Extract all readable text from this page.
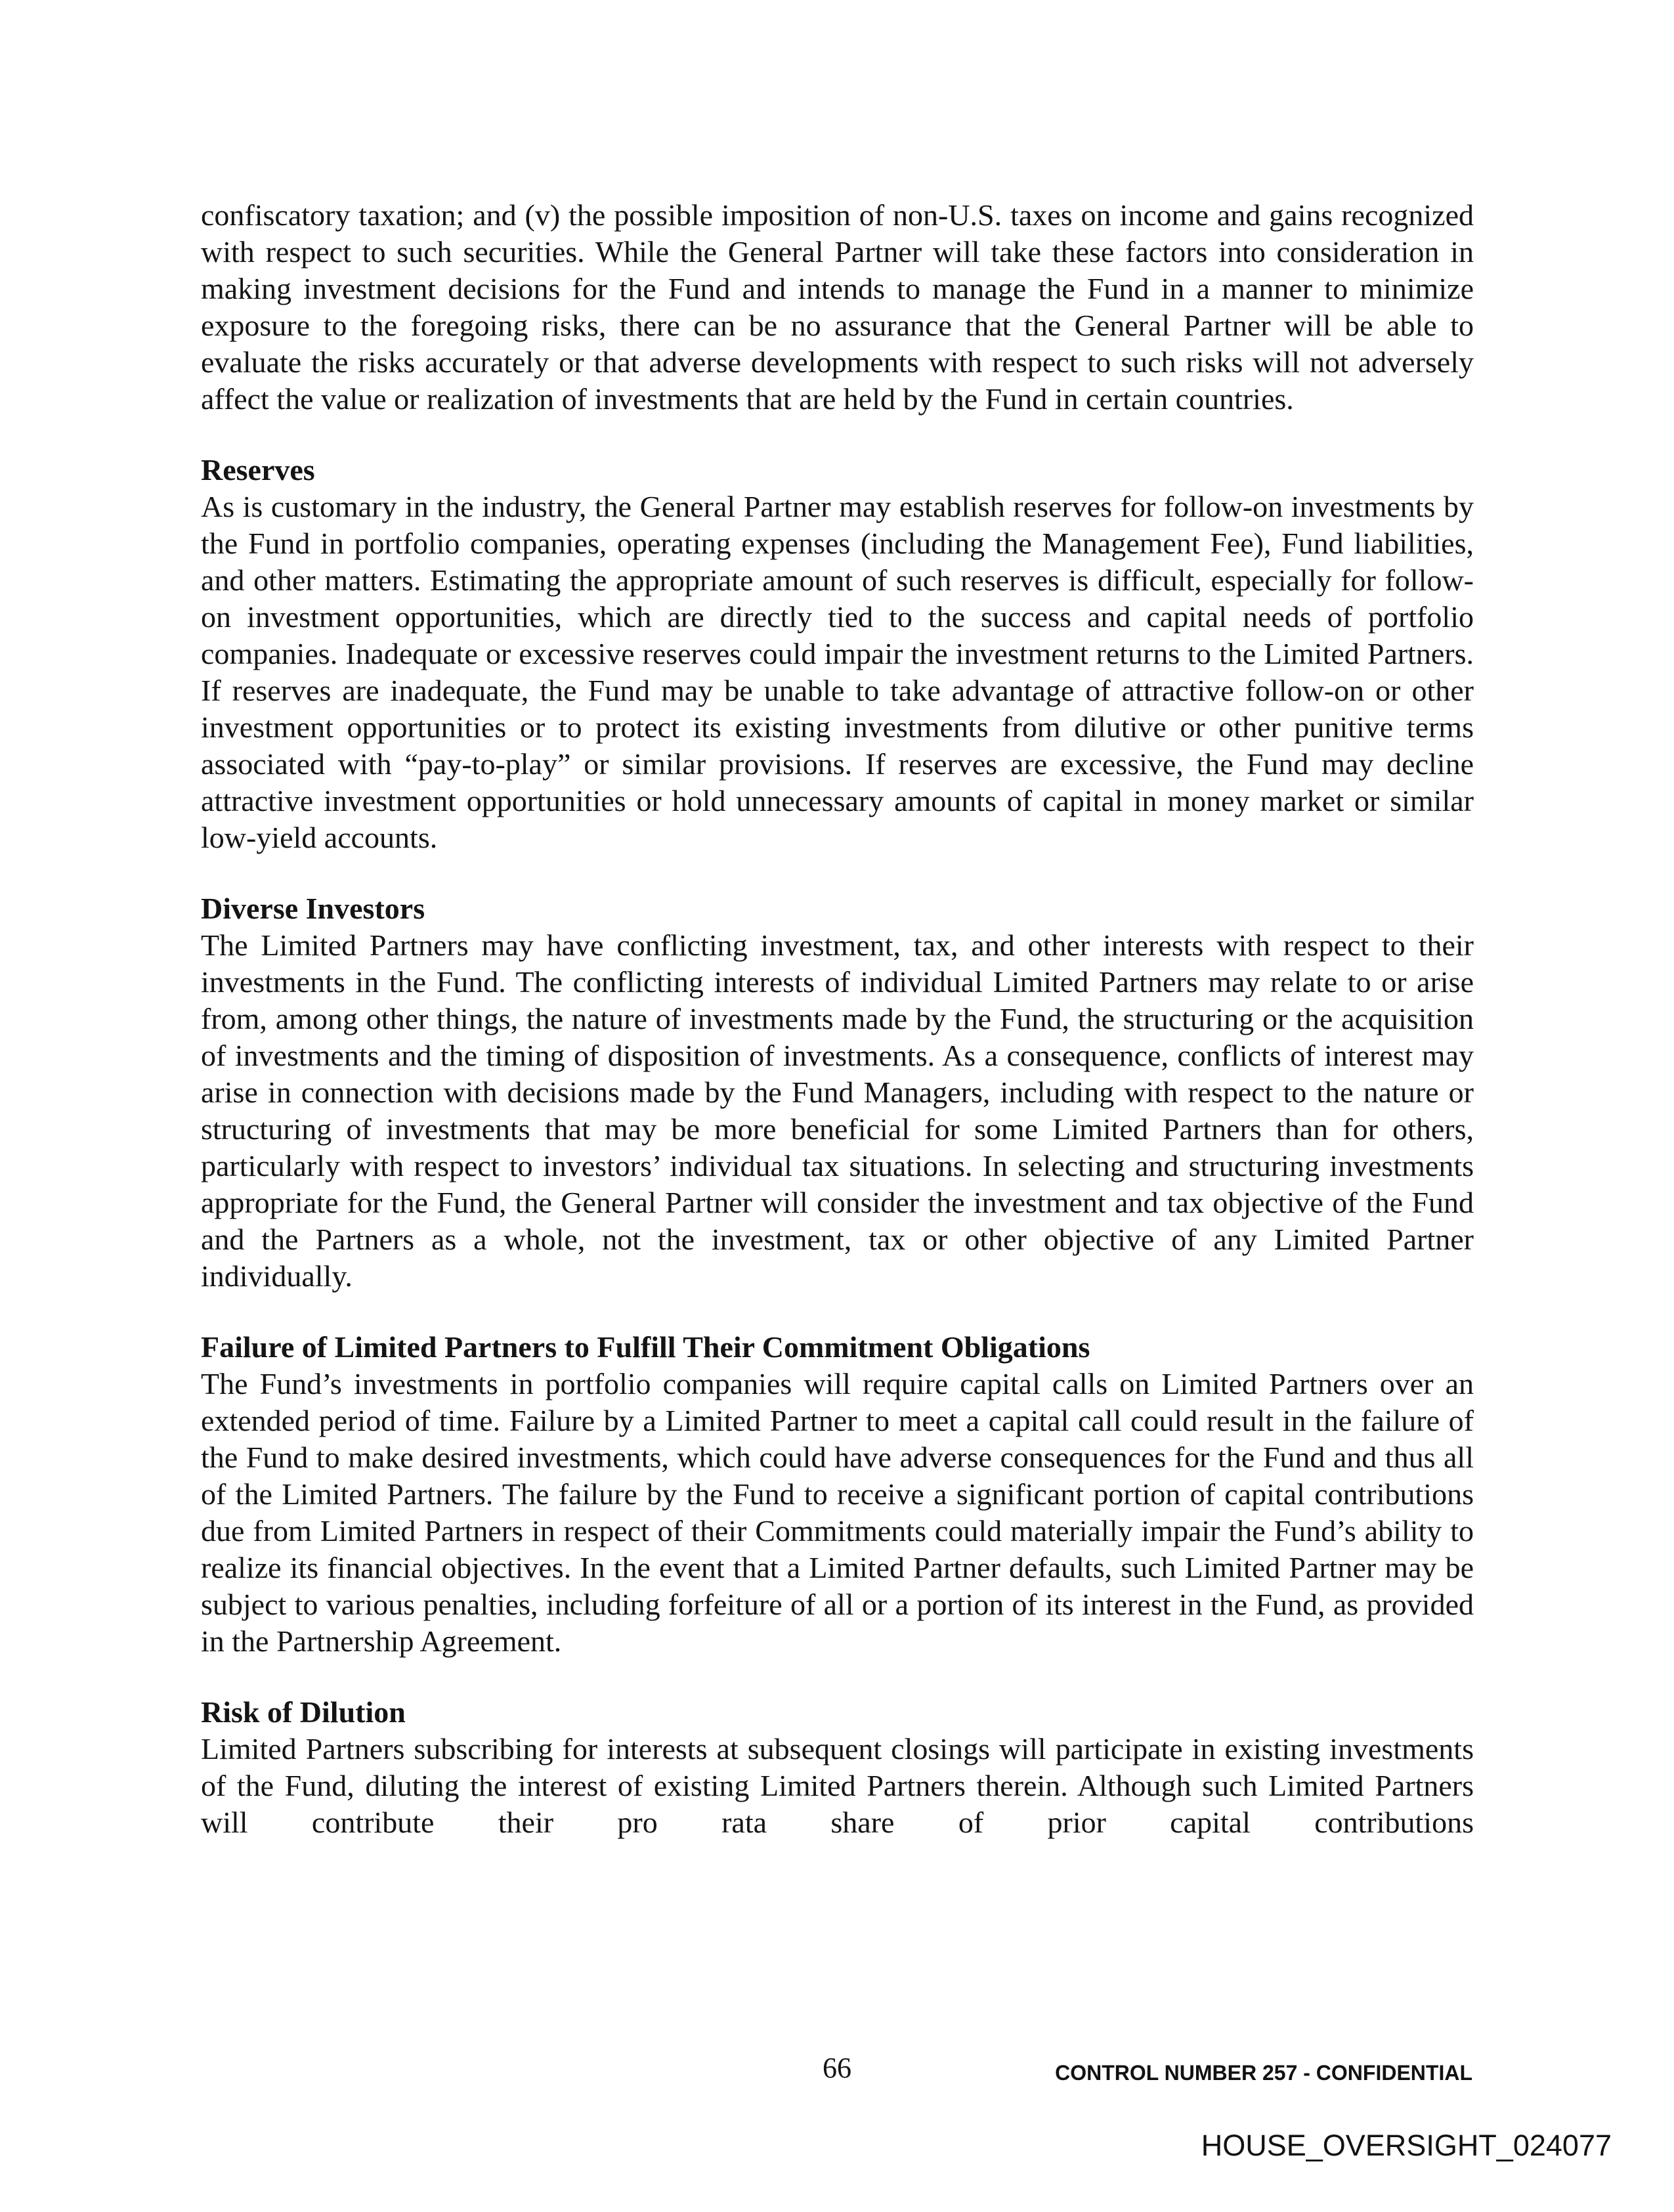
confiscatory taxation; and (v) the possible imposition of non-U.S. taxes on income and gains recognized with respect to such securities. While the General Partner will take these factors into consideration in making investment decisions for the Fund and intends to manage the Fund in a manner to minimize exposure to the foregoing risks, there can be no assurance that the General Partner will be able to evaluate the risks accurately or that adverse developments with respect to such risks will not adversely affect the value or realization of investments that are held by the Fund in certain countries.

Reserves

As is customary in the industry, the General Partner may establish reserves for follow-on investments by the Fund in portfolio companies, operating expenses (including the Management Fee), Fund liabilities, and other matters. Estimating the appropriate amount of such reserves is difficult, especially for follow-on investment opportunities, which are directly tied to the success and capital needs of portfolio companies. Inadequate or excessive reserves could impair the investment returns to the Limited Partners. If reserves are inadequate, the Fund may be unable to take advantage of attractive follow-on or other investment opportunities or to protect its existing investments from dilutive or other punitive terms associated with “pay-to-play” or similar provisions. If reserves are excessive, the Fund may decline attractive investment opportunities or hold unnecessary amounts of capital in money market or similar low-yield accounts.

Diverse Investors

The Limited Partners may have conflicting investment, tax, and other interests with respect to their investments in the Fund. The conflicting interests of individual Limited Partners may relate to or arise from, among other things, the nature of investments made by the Fund, the structuring or the acquisition of investments and the timing of disposition of investments. As a consequence, conflicts of interest may arise in connection with decisions made by the Fund Managers, including with respect to the nature or structuring of investments that may be more beneficial for some Limited Partners than for others, particularly with respect to investors’ individual tax situations. In selecting and structuring investments appropriate for the Fund, the General Partner will consider the investment and tax objective of the Fund and the Partners as a whole, not the investment, tax or other objective of any Limited Partner individually.

Failure of Limited Partners to Fulfill Their Commitment Obligations

The Fund’s investments in portfolio companies will require capital calls on Limited Partners over an extended period of time. Failure by a Limited Partner to meet a capital call could result in the failure of the Fund to make desired investments, which could have adverse consequences for the Fund and thus all of the Limited Partners. The failure by the Fund to receive a significant portion of capital contributions due from Limited Partners in respect of their Commitments could materially impair the Fund’s ability to realize its financial objectives. In the event that a Limited Partner defaults, such Limited Partner may be subject to various penalties, including forfeiture of all or a portion of its interest in the Fund, as provided in the Partnership Agreement.

Risk of Dilution

Limited Partners subscribing for interests at subsequent closings will participate in existing investments of the Fund, diluting the interest of existing Limited Partners therein. Although such Limited Partners will contribute their pro rata share of prior capital contributions

66	CONTROL NUMBER 257 - CONFIDENTIAL
HOUSE_OVERSIGHT_024077
